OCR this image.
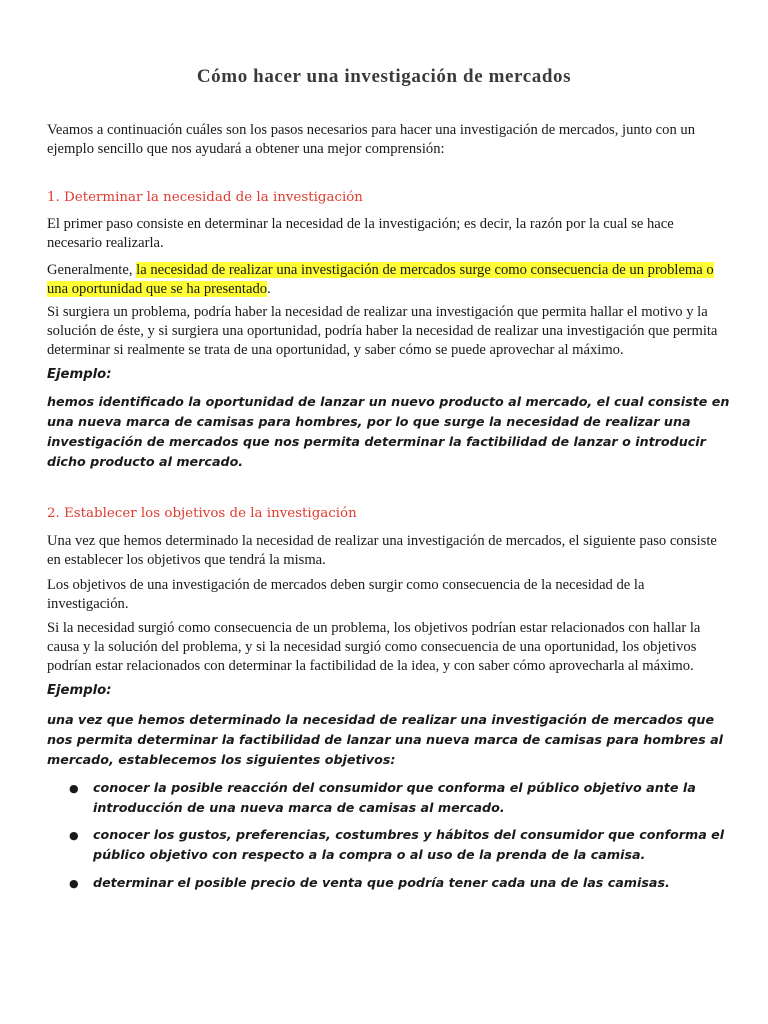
Cómo hacer una investigación de mercados
Veamos a continuación cuáles son los pasos necesarios para hacer una investigación de mercados, junto con un ejemplo sencillo que nos ayudará a obtener una mejor comprensión:
1. Determinar la necesidad de la investigación
El primer paso consiste en determinar la necesidad de la investigación; es decir, la razón por la cual se hace necesario realizarla.
Generalmente, la necesidad de realizar una investigación de mercados surge como consecuencia de un problema o una oportunidad que se ha presentado.
Si surgiera un problema, podría haber la necesidad de realizar una investigación que permita hallar el motivo y la solución de éste, y si surgiera una oportunidad, podría haber la necesidad de realizar una investigación que permita determinar si realmente se trata de una oportunidad, y saber cómo se puede aprovechar al máximo.
Ejemplo:
hemos identificado la oportunidad de lanzar un nuevo producto al mercado, el cual consiste en una nueva marca de camisas para hombres, por lo que surge la necesidad de realizar una investigación de mercados que nos permita determinar la factibilidad de lanzar o introducir dicho producto al mercado.
2. Establecer los objetivos de la investigación
Una vez que hemos determinado la necesidad de realizar una investigación de mercados, el siguiente paso consiste en establecer los objetivos que tendrá la misma.
Los objetivos de una investigación de mercados deben surgir como consecuencia de la necesidad de la investigación.
Si la necesidad surgió como consecuencia de un problema, los objetivos podrían estar relacionados con hallar la causa y la solución del problema, y si la necesidad surgió como consecuencia de una oportunidad, los objetivos podrían estar relacionados con determinar la factibilidad de la idea, y con saber cómo aprovecharla al máximo.
Ejemplo:
una vez que hemos determinado la necesidad de realizar una investigación de mercados que nos permita determinar la factibilidad de lanzar una nueva marca de camisas para hombres al mercado, establecemos los siguientes objetivos:
● conocer la posible reacción del consumidor que conforma el público objetivo ante la introducción de una nueva marca de camisas al mercado.
● conocer los gustos, preferencias, costumbres y hábitos del consumidor que conforma el público objetivo con respecto a la compra o al uso de la prenda de la camisa.
● determinar el posible precio de venta que podría tener cada una de las camisas.
